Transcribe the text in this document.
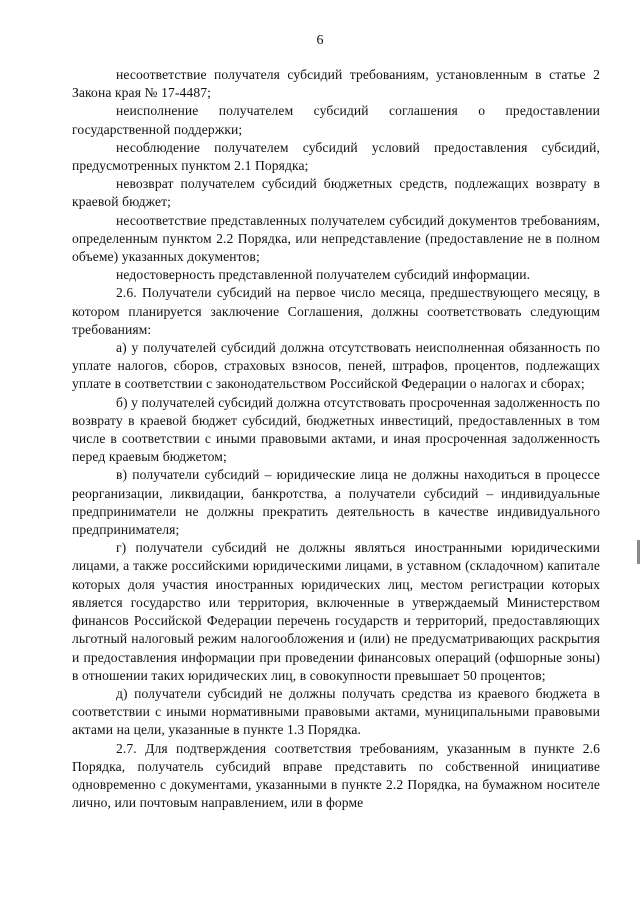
6

несоответствие получателя субсидий требованиям, установленным в статье 2 Закона края № 17-4487;

неисполнение получателем субсидий соглашения о предоставлении государственной поддержки;

несоблюдение получателем субсидий условий предоставления субсидий, предусмотренных пунктом 2.1 Порядка;

невозврат получателем субсидий бюджетных средств, подлежащих возврату в краевой бюджет;

несоответствие представленных получателем субсидий документов требованиям, определенным пунктом 2.2 Порядка, или непредставление (предоставление не в полном объеме) указанных документов;

недостоверность представленной получателем субсидий информации.

2.6. Получатели субсидий на первое число месяца, предшествующего месяцу, в котором планируется заключение Соглашения, должны соответствовать следующим требованиям:

а) у получателей субсидий должна отсутствовать неисполненная обязанность по уплате налогов, сборов, страховых взносов, пеней, штрафов, процентов, подлежащих уплате в соответствии с законодательством Российской Федерации о налогах и сборах;

б) у получателей субсидий должна отсутствовать просроченная задолженность по возврату в краевой бюджет субсидий, бюджетных инвестиций, предоставленных в том числе в соответствии с иными правовыми актами, и иная просроченная задолженность перед краевым бюджетом;

в) получатели субсидий – юридические лица не должны находиться в процессе реорганизации, ликвидации, банкротства, а получатели субсидий – индивидуальные предприниматели не должны прекратить деятельность в качестве индивидуального предпринимателя;

г) получатели субсидий не должны являться иностранными юридическими лицами, а также российскими юридическими лицами, в уставном (складочном) капитале которых доля участия иностранных юридических лиц, местом регистрации которых является государство или территория, включенные в утверждаемый Министерством финансов Российской Федерации перечень государств и территорий, предоставляющих льготный налоговый режим налогообложения и (или) не предусматривающих раскрытия и предоставления информации при проведении финансовых операций (офшорные зоны) в отношении таких юридических лиц, в совокупности превышает 50 процентов;

д) получатели субсидий не должны получать средства из краевого бюджета в соответствии с иными нормативными правовыми актами, муниципальными правовыми актами на цели, указанные в пункте 1.3 Порядка.

2.7. Для подтверждения соответствия требованиям, указанным в пункте 2.6 Порядка, получатель субсидий вправе представить по собственной инициативе одновременно с документами, указанными в пункте 2.2 Порядка, на бумажном носителе лично, или почтовым направлением, или в форме
